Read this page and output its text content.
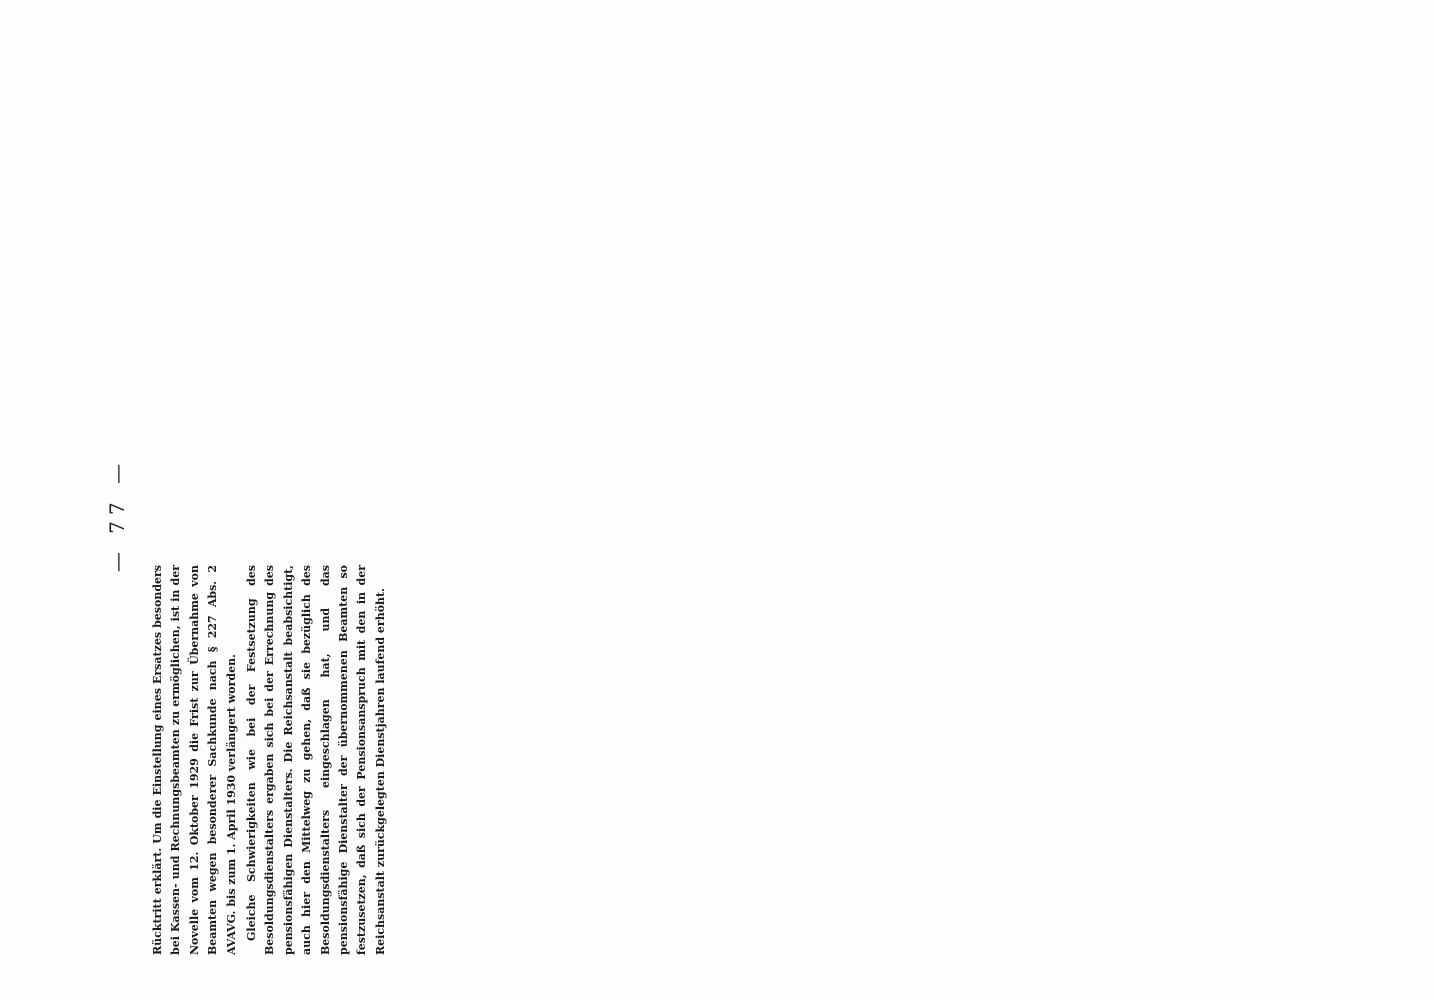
— 77 —

Rücktritt erklärt. Um die Einstellung eines Ersatzes besonders bei Kassen- und Rechnungsbeamten zu ermöglichen, ist in der Novelle vom 12. Oktober 1929 die Frist zur Übernahme von Beamten wegen besonderer Sachkunde nach § 227 Abs. 2 AVAVG. bis zum 1. April 1930 verlängert worden. Gleiche Schwierigkeiten wie bei der Festsetzung des Besoldungsdienstalters ergaben sich bei der Errechnung des pensionsfähigen Dienstalters. Die Reichsanstalt beabsichtigt, auch hier den Mittelweg zu gehen, daß sie bezüglich des Besoldungsdienstalters eingeschlagen hat, und das pensionsfähige Dienstalter der übernommenen Beamten so festzusetzen, daß sich der Pensionsanspruch mit den in der Reichsanstalt zurückgelegten Dienstjahren laufend erhöht.
